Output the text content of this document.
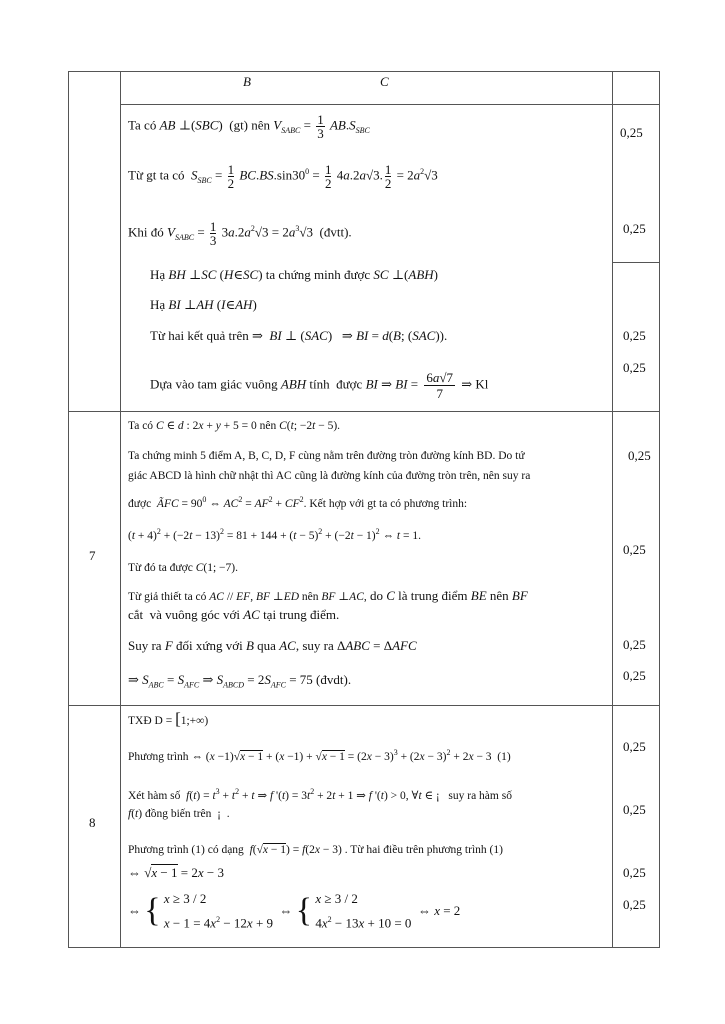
B	C
Ta có AB ⊥(SBC)  (gt) nên $V_{SABC} = \frac{1}{3} AB.S_{SBC}$
Từ gt ta có  $S_{SBC} = \frac{1}{2} BC.BS.\sin 30^0 = \frac{1}{2} 4a.2a√3$. $\frac{1}{2} = 2a^2√3$
Khi đó $V_{SABC} = \frac{1}{3} 3a.2a^2√3 = 2a^3√3$  (đvtt).
Hạ BH ⊥SC (H∈SC) ta chứng minh được SC ⊥(ABH)
Hạ BI ⊥AH (I∈AH)
Từ hai kết quả trên ⇒  BI ⊥ (SAC)   ⇒ BI = d(B; (SAC)).
Dựa vào tam giác vuông ABH tính  được BI ⇒ BI = $\frac{6a√7}{7}$ ⇒ Kl
0,25
0,25
0,25
0,25
7
Ta có C ∈ d : 2x + y + 5 = 0 nên C(t; −2t − 5).
Ta chứng minh 5 điểm A, B, C, D, F cùng nằm trên đường tròn đường kính BD. Do tứ
giác ABCD là hình chữ nhật thì AC cũng là đường kính của đường tròn trên, nên suy ra
được  ÃFC = $90^0$ ⇔ $AC^2 = AF^2 + CF^2$. Kết hợp với gt ta có phương trình:
$(t + 4)^2 + (-2t - 13)^2 = 81 + 144 + (t - 5)^2 + (-2t - 1)^2$ ⇔ t = 1.
Từ đó ta được C(1; −7).
Từ giả thiết ta có AC // EF, BF ⊥ED nên BF ⊥AC, do C là trung điểm BE nên BF
cắt  và vuông góc với AC tại trung điểm.
Suy ra F đối xứng với B qua AC, suy ra ΔABC = ΔAFC
⇒ $S_{ABC} = S_{AFC}$ ⇒ $S_{ABCD} = 2S_{AFC} = 75$ (đvdt).
0,25
0,25
0,25
0,25
8
TXĐ D = [1;+∞)
Phương trình ⇔ $(x -1)√x - 1 + (x -1) + √x - 1 = (2x - 3)^3 + (2x - 3)^2 + 2x - 3$  (1)
Xét hàm số  $f(t) = t^3 + t^2 + t$ ⇒ f '$(t) = 3t^2 + 2t + 1$ ⇒ f '(t) > 0, ∀t ∈ ¡   suy ra hàm số
f(t) đồng biến trên  ¡  .
Phương trình (1) có dạng  f(√x − 1) = f(2x − 3) . Từ hai điều trên phương trình (1)
⇔ √x − 1 = 2x − 3
⇔ { x ≥ 3 / 2
$x - 1 = 4x^2 - 12x + 9$
⇔ { x ≥ 3 / 2
$4x^2 - 13x + 10 = 0$
⇔ x = 2
0,25
0,25
0,25
0,25
